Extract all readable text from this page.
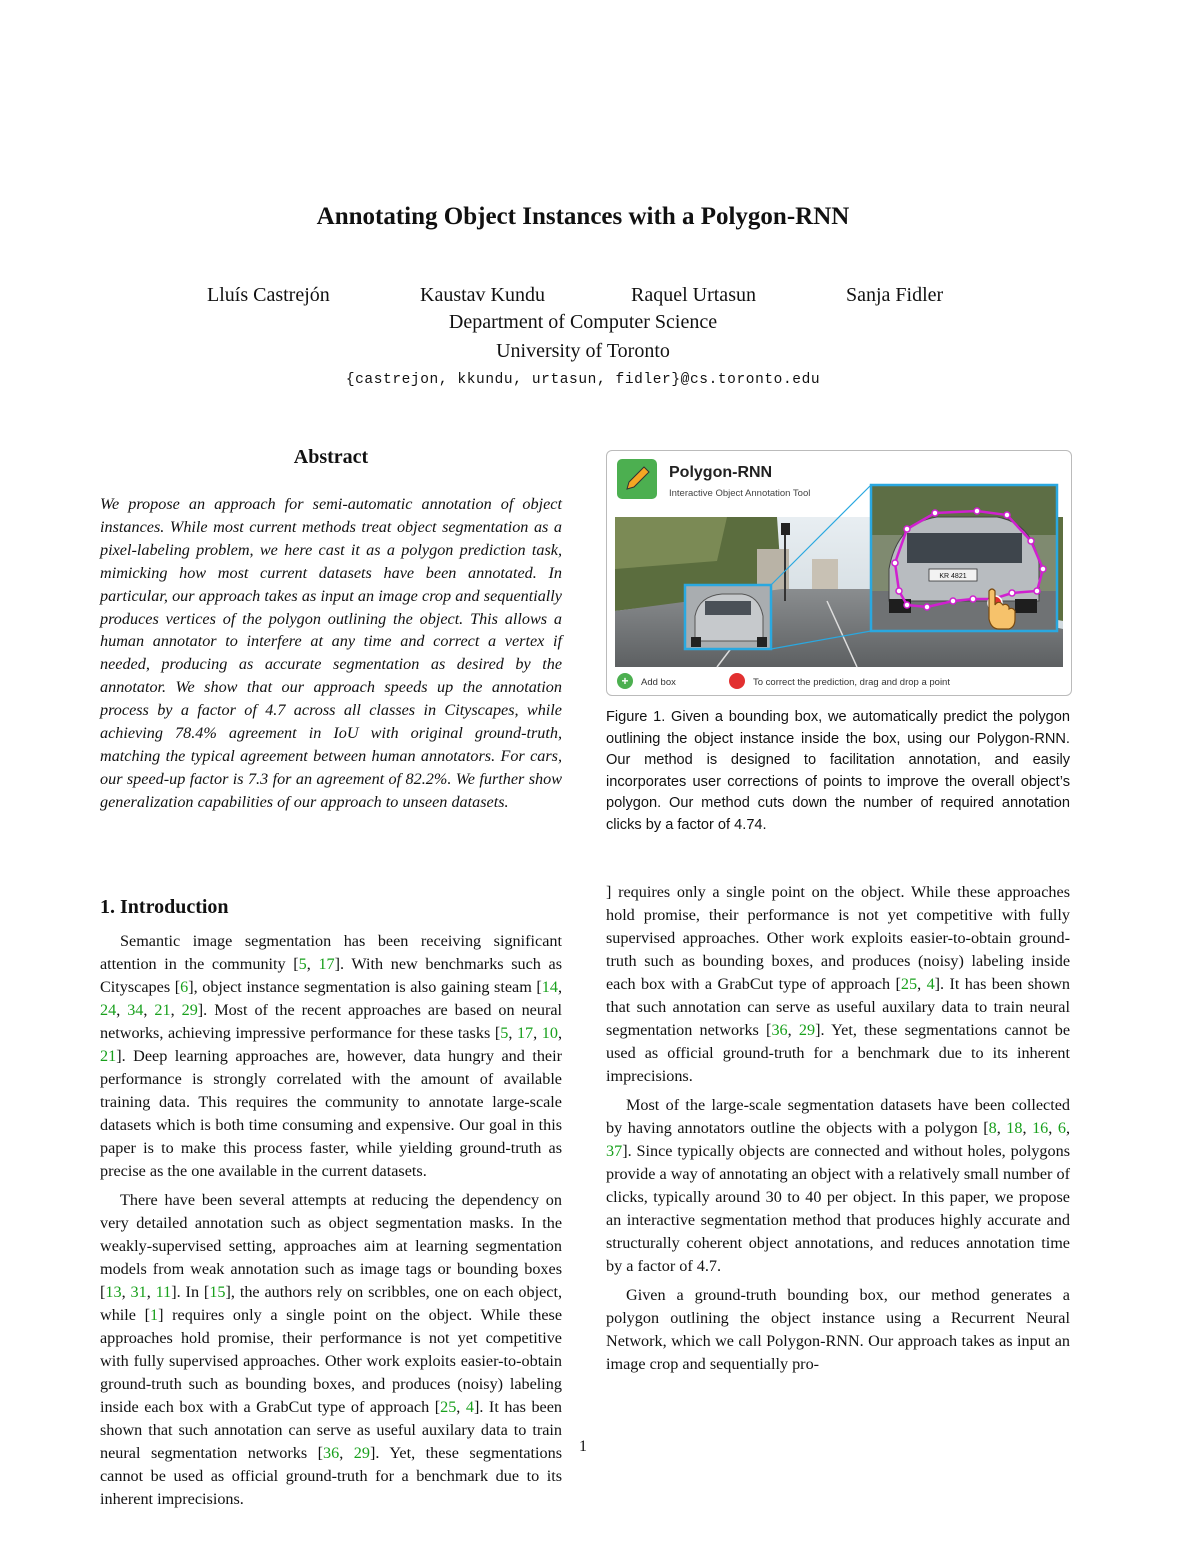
Annotating Object Instances with a Polygon-RNN
Lluís Castrejón	Kaustav Kundu	Raquel Urtasun	Sanja Fidler
Department of Computer Science
University of Toronto
{castrejon, kkundu, urtasun, fidler}@cs.toronto.edu
Abstract
We propose an approach for semi-automatic annotation of object instances. While most current methods treat object segmentation as a pixel-labeling problem, we here cast it as a polygon prediction task, mimicking how most current datasets have been annotated. In particular, our approach takes as input an image crop and sequentially produces vertices of the polygon outlining the object. This allows a human annotator to interfere at any time and correct a vertex if needed, producing as accurate segmentation as desired by the annotator. We show that our approach speeds up the annotation process by a factor of 4.7 across all classes in Cityscapes, while achieving 78.4% agreement in IoU with original ground-truth, matching the typical agreement between human annotators. For cars, our speed-up factor is 7.3 for an agreement of 82.2%. We further show generalization capabilities of our approach to unseen datasets.
Polygon-RNN
Interactive Object Annotation Tool
KR 4821
+ Add box	To correct the prediction, drag and drop a point
Figure 1. Given a bounding box, we automatically predict the polygon outlining the object instance inside the box, using our Polygon-RNN. Our method is designed to facilitation annotation, and easily incorporates user corrections of points to improve the overall object’s polygon. Our method cuts down the number of required annotation clicks by a factor of 4.74.
1. Introduction

Semantic image segmentation has been receiving significant attention in the community [5, 17]. With new benchmarks such as Cityscapes [6], object instance segmentation is also gaining steam [14, 24, 34, 21, 29]. Most of the recent approaches are based on neural networks, achieving impressive performance for these tasks [5, 17, 10, 21]. Deep learning approaches are, however, data hungry and their performance is strongly correlated with the amount of available training data. This requires the community to annotate large-scale datasets which is both time consuming and expensive. Our goal in this paper is to make this process faster, while yielding ground-truth as precise as the one available in the current datasets.

There have been several attempts at reducing the dependency on very detailed annotation such as object segmentation masks. In the weakly-supervised setting, approaches aim at learning segmentation models from weak annotation such as image tags or bounding boxes [13, 31, 11]. In [15], the authors rely on scribbles, one on each object, while [1] requires only a single point on the object. While these approaches hold promise, their performance is not yet competitive with fully supervised approaches. Other work exploits easier-to-obtain ground-truth such as bounding boxes, and produces (noisy) labeling inside each box with a GrabCut type of approach [25, 4]. It has been shown that such annotation can serve as useful auxilary data to train neural segmentation networks [36, 29]. Yet, these segmentations cannot be used as official ground-truth for a benchmark due to its inherent imprecisions.

] requires only a single point on the object. While these approaches hold promise, their performance is not yet competitive with fully supervised approaches. Other work exploits easier-to-obtain ground-truth such as bounding boxes, and produces (noisy) labeling inside each box with a GrabCut type of approach [25, 4]. It has been shown that such annotation can serve as useful auxilary data to train neural segmentation networks [36, 29]. Yet, these segmentations cannot be used as official ground-truth for a benchmark due to its inherent imprecisions.

Most of the large-scale segmentation datasets have been collected by having annotators outline the objects with a polygon [8, 18, 16, 6, 37]. Since typically objects are connected and without holes, polygons provide a way of annotating an object with a relatively small number of clicks, typically around 30 to 40 per object. In this paper, we propose an interactive segmentation method that produces highly accurate and structurally coherent object annotations, and reduces annotation time by a factor of 4.7.

Given a ground-truth bounding box, our method generates a polygon outlining the object instance using a Recurrent Neural Network, which we call Polygon-RNN. Our approach takes as input an image crop and sequentially pro-

1
